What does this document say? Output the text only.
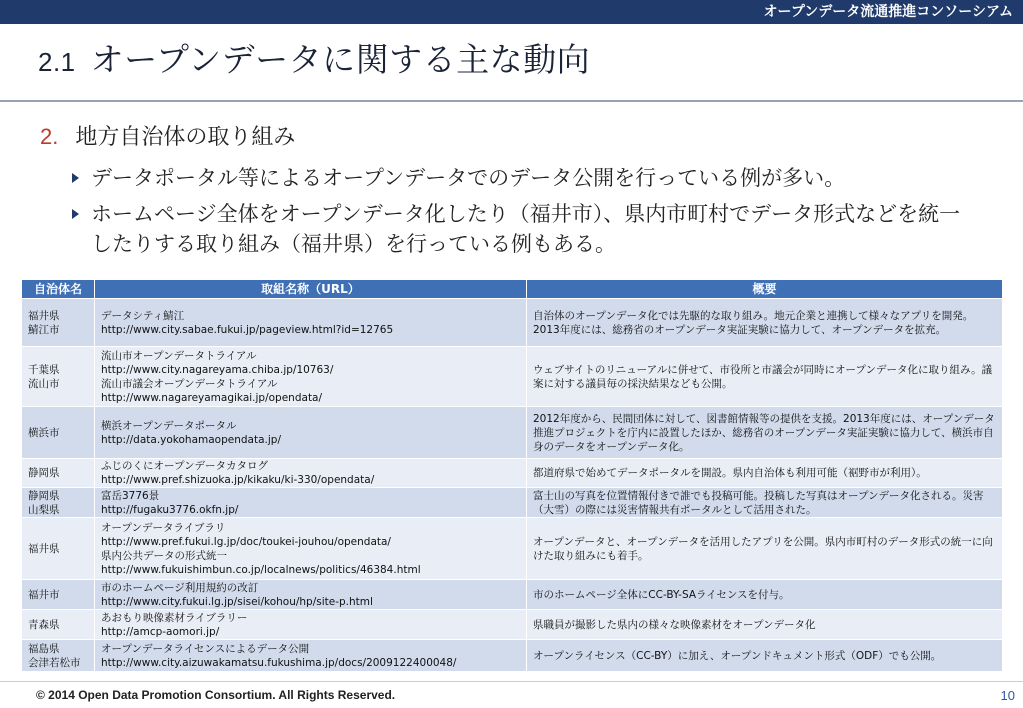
オープンデータ流通推進コンソーシアム
2.1 オープンデータに関する主な動向
2. 地方自治体の取り組み
データポータル等によるオープンデータでのデータ公開を行っている例が多い。
ホームページ全体をオープンデータ化したり（福井市）、県内市町村でデータ形式などを統一したりする取り組み（福井県）を行っている例もある。
自治体名	取組名称（URL）	概要

福井県
鯖江市	データシティ鯖江
http://www.city.sabae.fukui.jp/pageview.html?id=12765	自治体のオープンデータ化では先駆的な取り組み。地元企業と連携して様々なアプリを開発。2013年度には、総務省のオープンデータ実証実験に協力して、オープンデータを拡充。

千葉県
流山市	流山市オープンデータトライアル
http://www.city.nagareyama.chiba.jp/10763/
流山市議会オープンデータトライアル
http://www.nagareyamagikai.jp/opendata/	ウェブサイトのリニューアルに併せて、市役所と市議会が同時にオープンデータ化に取り組み。議案に対する議員毎の採決結果なども公開。

横浜市	横浜オープンデータポータル
http://data.yokohamaopendata.jp/	2012年度から、民間団体に対して、図書館情報等の提供を支援。2013年度には、オープンデータ推進プロジェクトを庁内に設置したほか、総務省のオープンデータ実証実験に協力して、横浜市自身のデータをオープンデータ化。

静岡県	ふじのくにオープンデータカタログ
http://www.pref.shizuoka.jp/kikaku/ki-330/opendata/	都道府県で始めてデータポータルを開設。県内自治体も利用可能（裾野市が利用）。

静岡県
山梨県	富岳3776景
http://fugaku3776.okfn.jp/	富士山の写真を位置情報付きで誰でも投稿可能。投稿した写真はオープンデータ化される。災害（大雪）の際には災害情報共有ポータルとして活用された。

福井県	オープンデータライブラリ
http://www.pref.fukui.lg.jp/doc/toukei-jouhou/opendata/
県内公共データの形式統一
http://www.fukuishimbun.co.jp/localnews/politics/46384.html	オープンデータと、オープンデータを活用したアプリを公開。県内市町村のデータ形式の統一に向けた取り組みにも着手。

福井市	市のホームページ利用規約の改訂
http://www.city.fukui.lg.jp/sisei/kohou/hp/site-p.html	市のホームページ全体にCC-BY-SAライセンスを付与。

青森県	あおもり映像素材ライブラリー
http://amcp-aomori.jp/	県職員が撮影した県内の様々な映像素材をオープンデータ化

福島県
会津若松市	オープンデータライセンスによるデータ公開
http://www.city.aizuwakamatsu.fukushima.jp/docs/2009122400048/	オープンライセンス（CC-BY）に加え、オープンドキュメント形式（ODF）でも公開。
© 2014 Open Data Promotion Consortium. All Rights Reserved.	10
